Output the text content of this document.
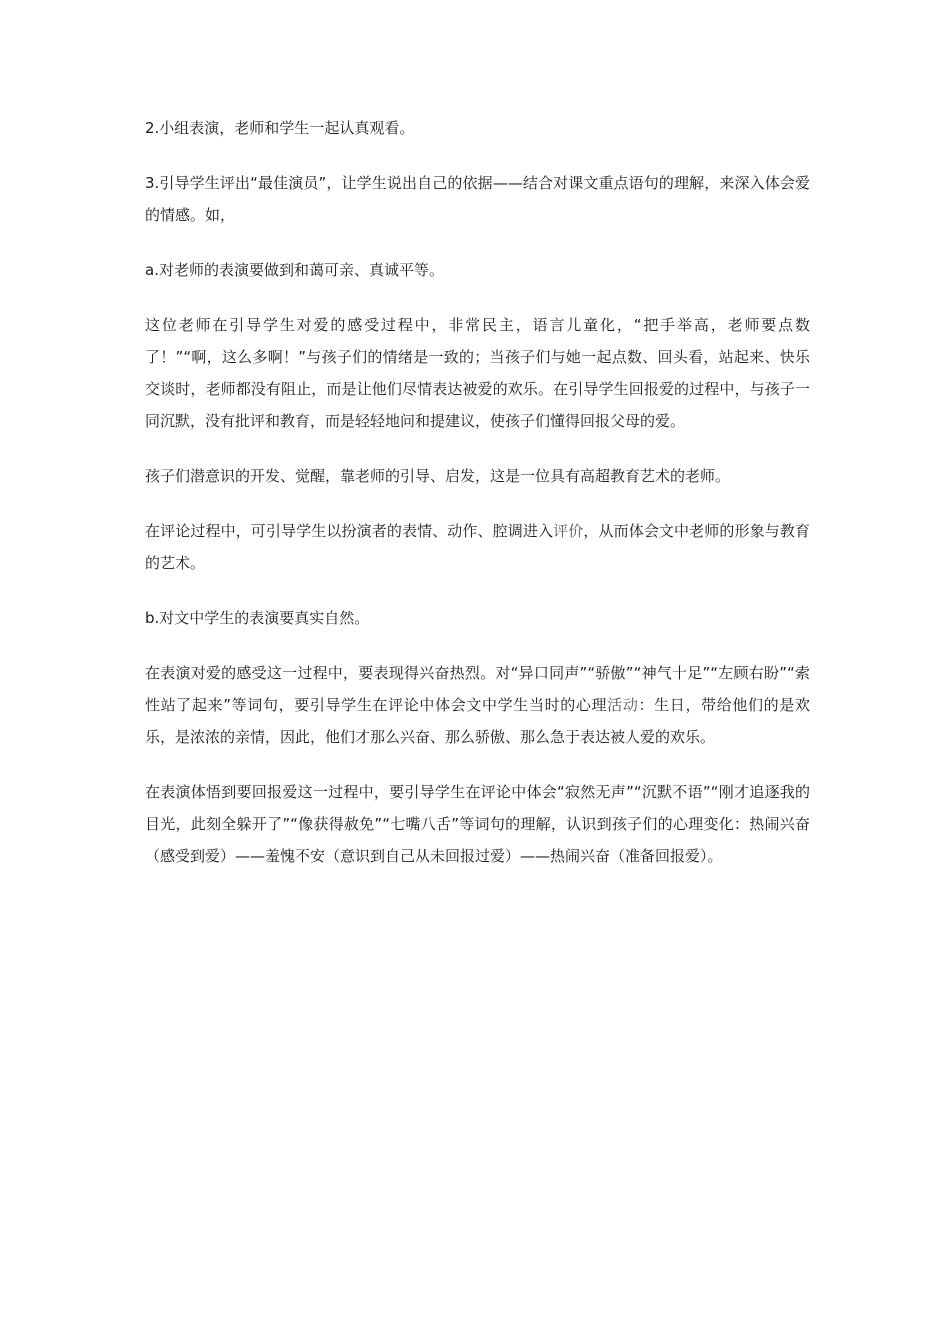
2.小组表演，老师和学生一起认真观看。

3.引导学生评出“最佳演员”，让学生说出自己的依据——结合对课文重点语句的理解，来深入体会爱的情感。如，

a.对老师的表演要做到和蔼可亲、真诚平等。

这位老师在引导学生对爱的感受过程中，非常民主，语言儿童化，“把手举高，老师要点数了！”“啊，这么多啊！”与孩子们的情绪是一致的；当孩子们与她一起点数、回头看，站起来、快乐交谈时，老师都没有阻止，而是让他们尽情表达被爱的欢乐。在引导学生回报爱的过程中，与孩子一同沉默，没有批评和教育，而是轻轻地问和提建议，使孩子们懂得回报父母的爱。

孩子们潜意识的开发、觉醒，靠老师的引导、启发，这是一位具有高超教育艺术的老师。

在评论过程中，可引导学生以扮演者的表情、动作、腔调进入评价，从而体会文中老师的形象与教育的艺术。

b.对文中学生的表演要真实自然。

在表演对爱的感受这一过程中，要表现得兴奋热烈。对“异口同声”“骄傲”“神气十足”“左顾右盼”“索性站了起来”等词句，要引导学生在评论中体会文中学生当时的心理活动：生日，带给他们的是欢乐，是浓浓的亲情，因此，他们才那么兴奋、那么骄傲、那么急于表达被人爱的欢乐。

在表演体悟到要回报爱这一过程中，要引导学生在评论中体会“寂然无声”“沉默不语”“刚才追逐我的目光，此刻全躲开了”“像获得赦免”“七嘴八舌”等词句的理解，认识到孩子们的心理变化：热闹兴奋（感受到爱）——羞愧不安（意识到自己从未回报过爱）——热闹兴奋（准备回报爱）。
